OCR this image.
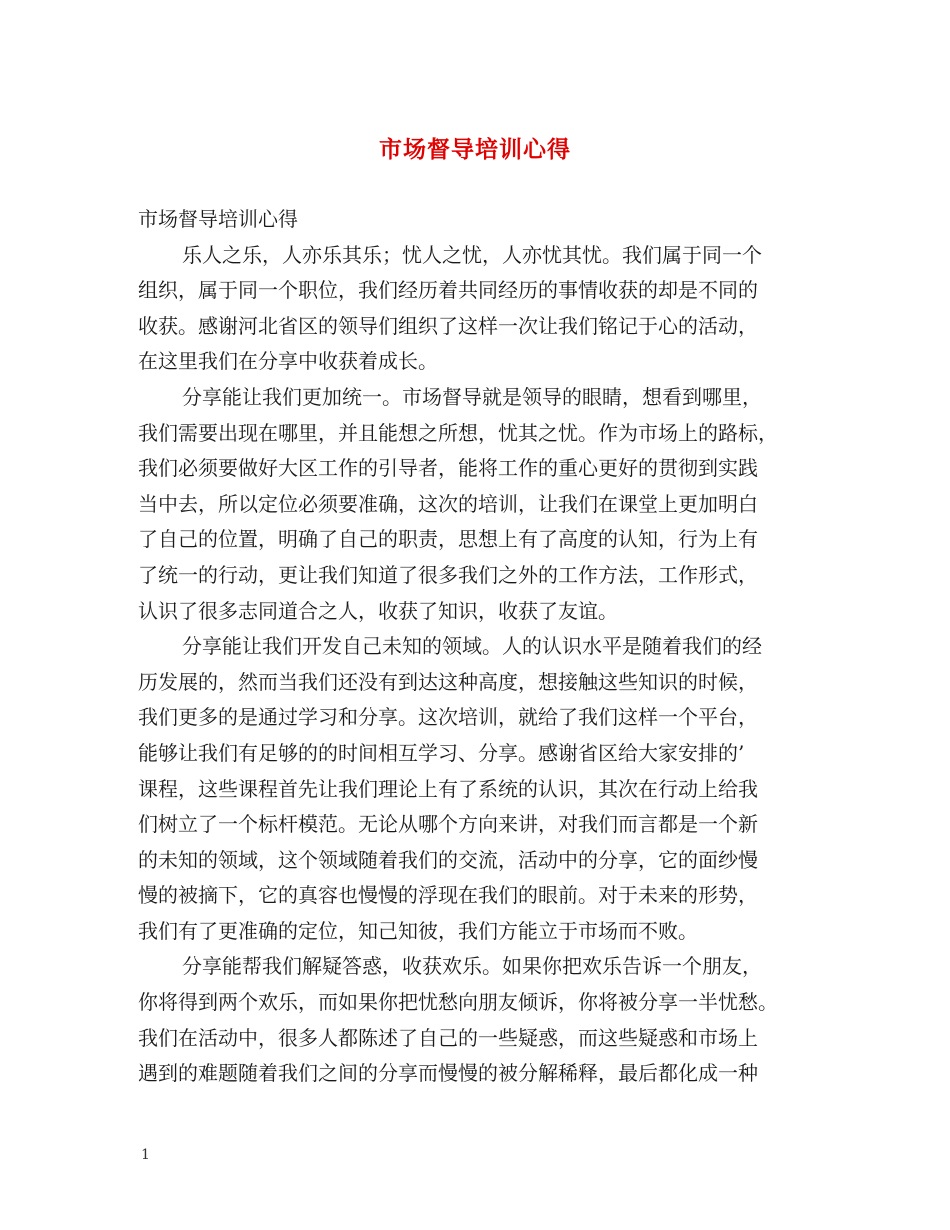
市场督导培训心得
市场督导培训心得
乐人之乐，人亦乐其乐；忧人之忧，人亦忧其忧。我们属于同一个
组织，属于同一个职位，我们经历着共同经历的事情收获的却是不同的
收获。感谢河北省区的领导们组织了这样一次让我们铭记于心的活动，
在这里我们在分享中收获着成长。
分享能让我们更加统一。市场督导就是领导的眼睛，想看到哪里，
我们需要出现在哪里，并且能想之所想，忧其之忧。作为市场上的路标，
我们必须要做好大区工作的引导者，能将工作的重心更好的贯彻到实践
当中去，所以定位必须要准确，这次的培训，让我们在课堂上更加明白
了自己的位置，明确了自己的职责，思想上有了高度的认知，行为上有
了统一的行动，更让我们知道了很多我们之外的工作方法，工作形式，
认识了很多志同道合之人，收获了知识，收获了友谊。
分享能让我们开发自己未知的领域。人的认识水平是随着我们的经
历发展的，然而当我们还没有到达这种高度，想接触这些知识的时候，
我们更多的是通过学习和分享。这次培训，就给了我们这样一个平台，
能够让我们有足够的的时间相互学习、分享。感谢省区给大家安排的’
课程，这些课程首先让我们理论上有了系统的认识，其次在行动上给我
们树立了一个标杆模范。无论从哪个方向来讲，对我们而言都是一个新
的未知的领域，这个领域随着我们的交流，活动中的分享，它的面纱慢
慢的被摘下，它的真容也慢慢的浮现在我们的眼前。对于未来的形势，
我们有了更准确的定位，知己知彼，我们方能立于市场而不败。
分享能帮我们解疑答惑，收获欢乐。如果你把欢乐告诉一个朋友，
你将得到两个欢乐，而如果你把忧愁向朋友倾诉，你将被分享一半忧愁。
我们在活动中，很多人都陈述了自己的一些疑惑，而这些疑惑和市场上
遇到的难题随着我们之间的分享而慢慢的被分解稀释，最后都化成一种
1
